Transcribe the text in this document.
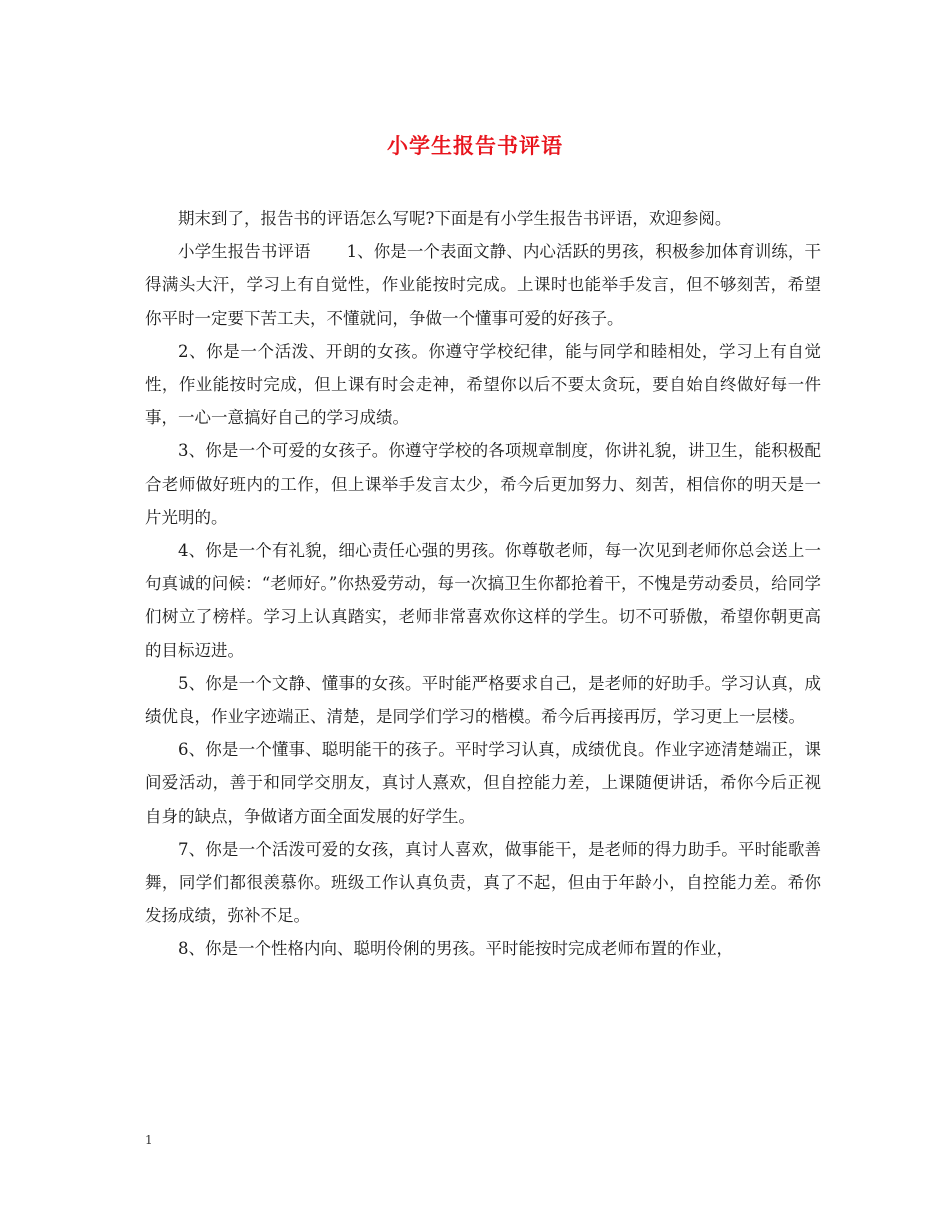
小学生报告书评语

期末到了，报告书的评语怎么写呢?下面是有小学生报告书评语，欢迎参阅。

小学生报告书评语 1、你是一个表面文静、内心活跃的男孩，积极参加体育训练，干得满头大汗，学习上有自觉性，作业能按时完成。上课时也能举手发言，但不够刻苦，希望你平时一定要下苦工夫，不懂就问，争做一个懂事可爱的好孩子。

2、你是一个活泼、开朗的女孩。你遵守学校纪律，能与同学和睦相处，学习上有自觉性，作业能按时完成，但上课有时会走神，希望你以后不要太贪玩，要自始自终做好每一件事，一心一意搞好自己的学习成绩。

3、你是一个可爱的女孩子。你遵守学校的各项规章制度，你讲礼貌，讲卫生，能积极配合老师做好班内的工作，但上课举手发言太少，希今后更加努力、刻苦，相信你的明天是一片光明的。

4、你是一个有礼貌，细心责任心强的男孩。你尊敬老师，每一次见到老师你总会送上一句真诚的问候：“老师好。”你热爱劳动，每一次搞卫生你都抢着干，不愧是劳动委员，给同学们树立了榜样。学习上认真踏实，老师非常喜欢你这样的学生。切不可骄傲，希望你朝更高的目标迈进。

5、你是一个文静、懂事的女孩。平时能严格要求自己，是老师的好助手。学习认真，成绩优良，作业字迹端正、清楚，是同学们学习的楷模。希今后再接再厉，学习更上一层楼。

6、你是一个懂事、聪明能干的孩子。平时学习认真，成绩优良。作业字迹清楚端正，课间爱活动，善于和同学交朋友，真讨人熹欢，但自控能力差，上课随便讲话，希你今后正视自身的缺点，争做诸方面全面发展的好学生。

7、你是一个活泼可爱的女孩，真讨人喜欢，做事能干，是老师的得力助手。平时能歌善舞，同学们都很羡慕你。班级工作认真负责，真了不起，但由于年龄小，自控能力差。希你发扬成绩，弥补不足。

8、你是一个性格内向、聪明伶俐的男孩。平时能按时完成老师布置的作业，

1
